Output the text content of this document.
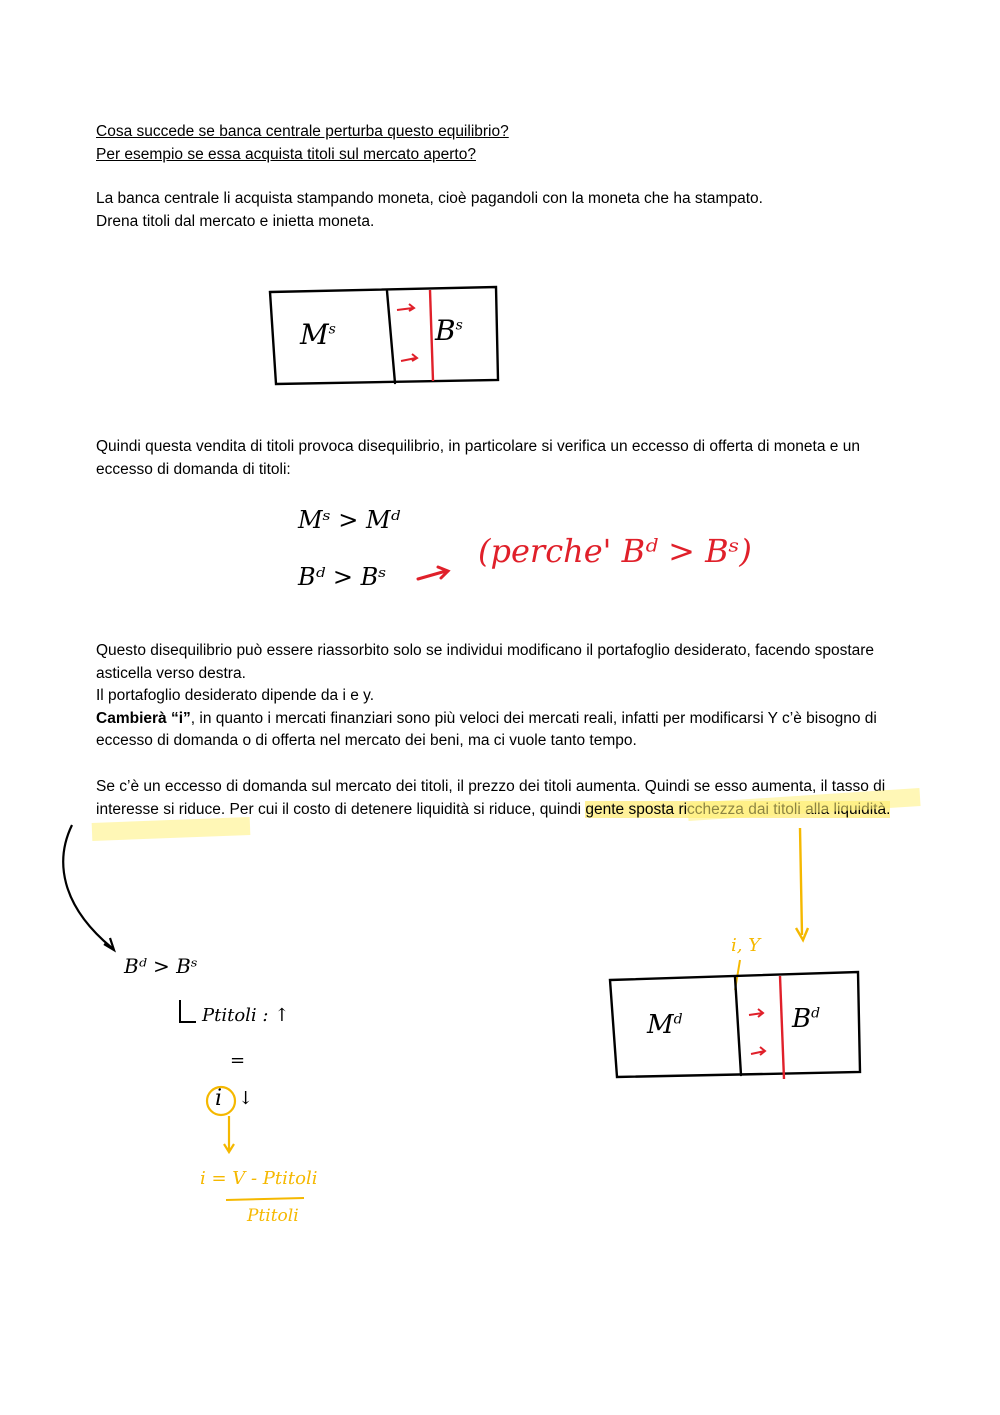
Cosa succede se banca centrale perturba questo equilibrio?

Per esempio se essa acquista titoli sul mercato aperto?

La banca centrale li acquista stampando moneta, cioè pagandoli con la moneta che ha stampato.

Drena titoli dal mercato e inietta moneta.

Quindi questa vendita di titoli provoca disequilibrio, in particolare si verifica un eccesso di offerta di moneta e un eccesso di domanda di titoli:

Questo disequilibrio può essere riassorbito solo se individui modificano il portafoglio desiderato, facendo spostare asticella verso destra.

Il portafoglio desiderato dipende da i e y.

Cambierà “i”, in quanto i mercati finanziari sono più veloci dei mercati reali, infatti per modificarsi Y c’è bisogno di eccesso di domanda o di offerta nel mercato dei beni, ma ci vuole tanto tempo.

Se c’è un eccesso di domanda sul mercato dei titoli, il prezzo dei titoli aumenta. Quindi se esso aumenta, il tasso di interesse si riduce. Per cui il costo di detenere liquidità si riduce, quindi gente sposta ricchezza dai titoli alla liquidità.

$M^s$	$B^s$
Mˢ > Mᵈ
Bᵈ > Bˢ
(perche' Bᵈ > Bˢ)
Bᵈ > Bˢ
Ptitoli : ↑
=
i ↓
i = V - Ptitoli
Ptitoli
i, Y
$M^d$	$B^d$
